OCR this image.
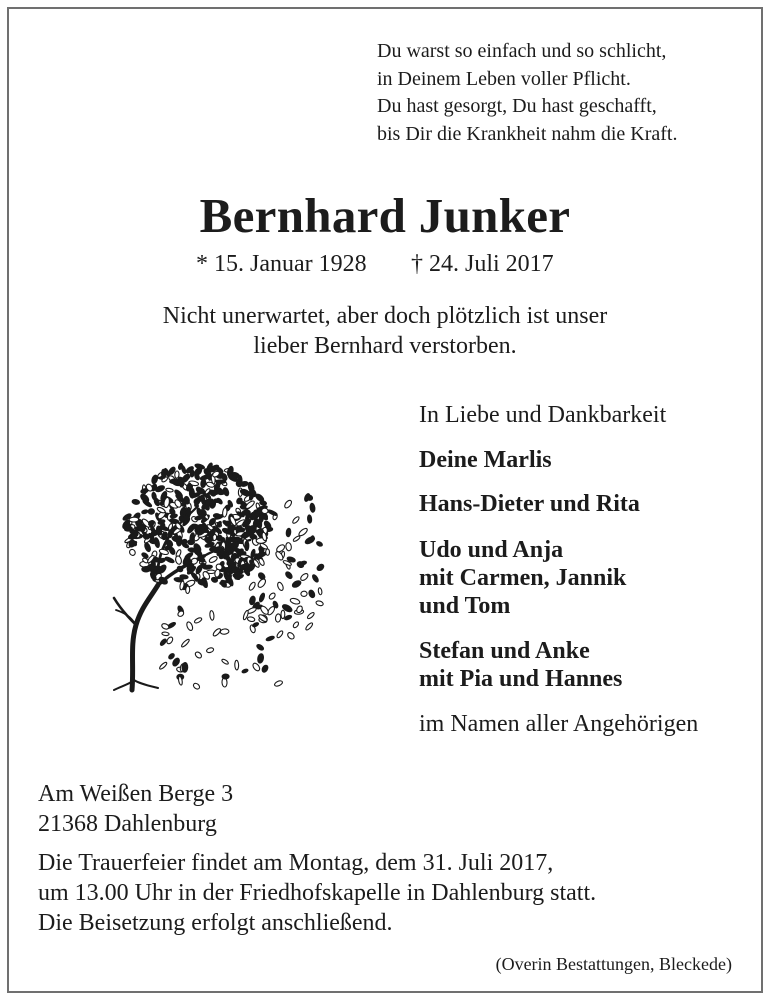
Du warst so einfach und so schlicht,
in Deinem Leben voller Pflicht.
Du hast gesorgt, Du hast geschafft,
bis Dir die Krankheit nahm die Kraft.
Bernhard Junker
* 15. Januar 1928 † 24. Juli 2017
Nicht unerwartet, aber doch plötzlich ist unser
lieber Bernhard verstorben.
In Liebe und Dankbarkeit
Deine Marlis
Hans-Dieter und Rita
Udo und Anja
mit Carmen, Jannik
und Tom
Stefan und Anke
mit Pia und Hannes
im Namen aller Angehörigen
Am Weißen Berge 3
21368 Dahlenburg
Die Trauerfeier findet am Montag, dem 31. Juli 2017,
um 13.00 Uhr in der Friedhofskapelle in Dahlenburg statt.
Die Beisetzung erfolgt anschließend.
(Overin Bestattungen, Bleckede)
